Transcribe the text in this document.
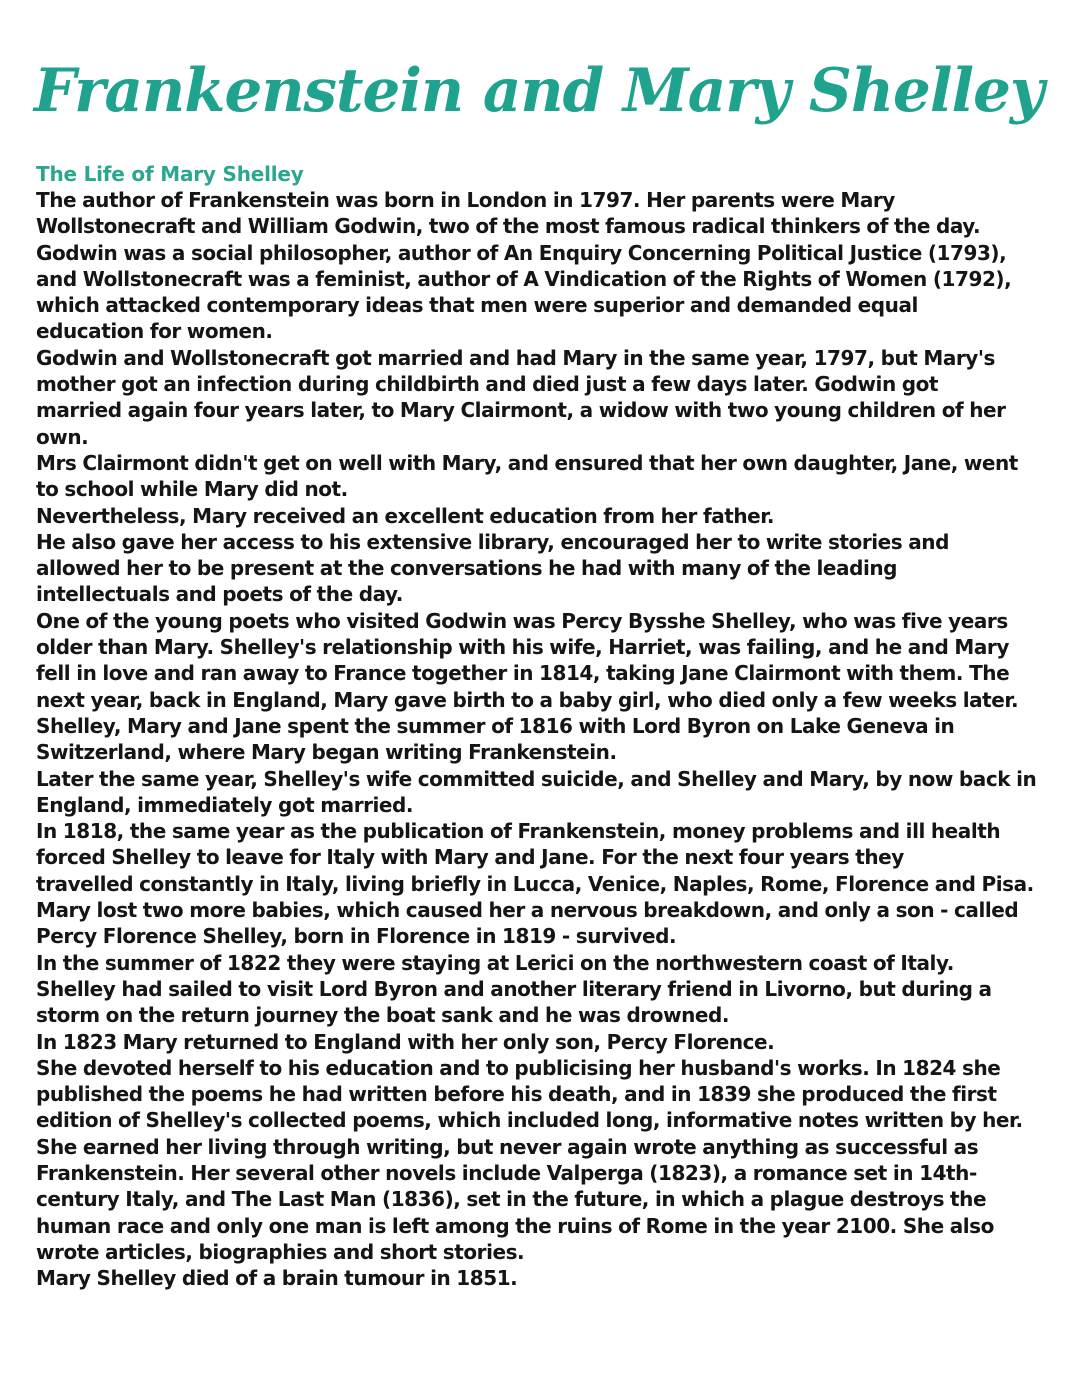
Frankenstein and Mary Shelley
The Life of Mary Shelley

The author of Frankenstein was born in London in 1797. Her parents were Mary

Wollstonecraft and William Godwin, two of the most famous radical thinkers of the day.

Godwin was a social philosopher, author of An Enquiry Concerning Political Justice (1793),

and Wollstonecraft was a feminist, author of A Vindication of the Rights of Women (1792),

which attacked contemporary ideas that men were superior and demanded equal

education for women.

Godwin and Wollstonecraft got married and had Mary in the same year, 1797, but Mary's

mother got an infection during childbirth and died just a few days later. Godwin got

married again four years later, to Mary Clairmont, a widow with two young children of her

own.

Mrs Clairmont didn't get on well with Mary, and ensured that her own daughter, Jane, went

to school while Mary did not.

Nevertheless, Mary received an excellent education from her father.

He also gave her access to his extensive library, encouraged her to write stories and

allowed her to be present at the conversations he had with many of the leading

intellectuals and poets of the day.

One of the young poets who visited Godwin was Percy Bysshe Shelley, who was five years

older than Mary. Shelley's relationship with his wife, Harriet, was failing, and he and Mary

fell in love and ran away to France together in 1814, taking Jane Clairmont with them. The

next year, back in England, Mary gave birth to a baby girl, who died only a few weeks later.

Shelley, Mary and Jane spent the summer of 1816 with Lord Byron on Lake Geneva in

Switzerland, where Mary began writing Frankenstein.

Later the same year, Shelley's wife committed suicide, and Shelley and Mary, by now back in

England, immediately got married.

In 1818, the same year as the publication of Frankenstein, money problems and ill health

forced Shelley to leave for Italy with Mary and Jane. For the next four years they

travelled constantly in Italy, living briefly in Lucca, Venice, Naples, Rome, Florence and Pisa.

Mary lost two more babies, which caused her a nervous breakdown, and only a son - called

Percy Florence Shelley, born in Florence in 1819 - survived.

In the summer of 1822 they were staying at Lerici on the northwestern coast of Italy.

Shelley had sailed to visit Lord Byron and another literary friend in Livorno, but during a

storm on the return journey the boat sank and he was drowned.

In 1823 Mary returned to England with her only son, Percy Florence.

She devoted herself to his education and to publicising her husband's works. In 1824 she

published the poems he had written before his death, and in 1839 she produced the first

edition of Shelley's collected poems, which included long, informative notes written by her.

She earned her living through writing, but never again wrote anything as successful as

Frankenstein. Her several other novels include Valperga (1823), a romance set in 14th-

century Italy, and The Last Man (1836), set in the future, in which a plague destroys the

human race and only one man is left among the ruins of Rome in the year 2100. She also

wrote articles, biographies and short stories.

Mary Shelley died of a brain tumour in 1851.
